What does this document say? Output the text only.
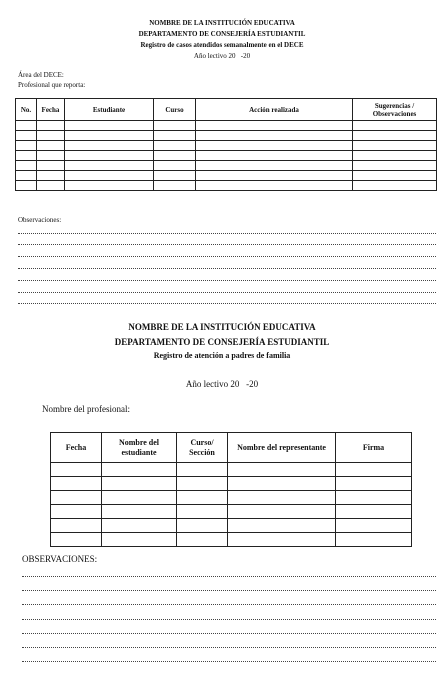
NOMBRE DE LA INSTITUCIÓN EDUCATIVA
DEPARTAMENTO DE CONSEJERÍA ESTUDIANTIL
Registro de casos atendidos semanalmente en el DECE
Año lectivo 20   -20
Área del DECE:
Profesional que reporta:
No.	Fecha	Estudiante	Curso	Acción realizada	Sugerencias / Observaciones

Observaciones:
NOMBRE DE LA INSTITUCIÓN EDUCATIVA
DEPARTAMENTO DE CONSEJERÍA ESTUDIANTIL
Registro de atención a padres de familia
Año lectivo 20   -20
Nombre del profesional:
Fecha	Nombre del estudiante	Curso/ Sección	Nombre del representante	Firma

OBSERVACIONES:
